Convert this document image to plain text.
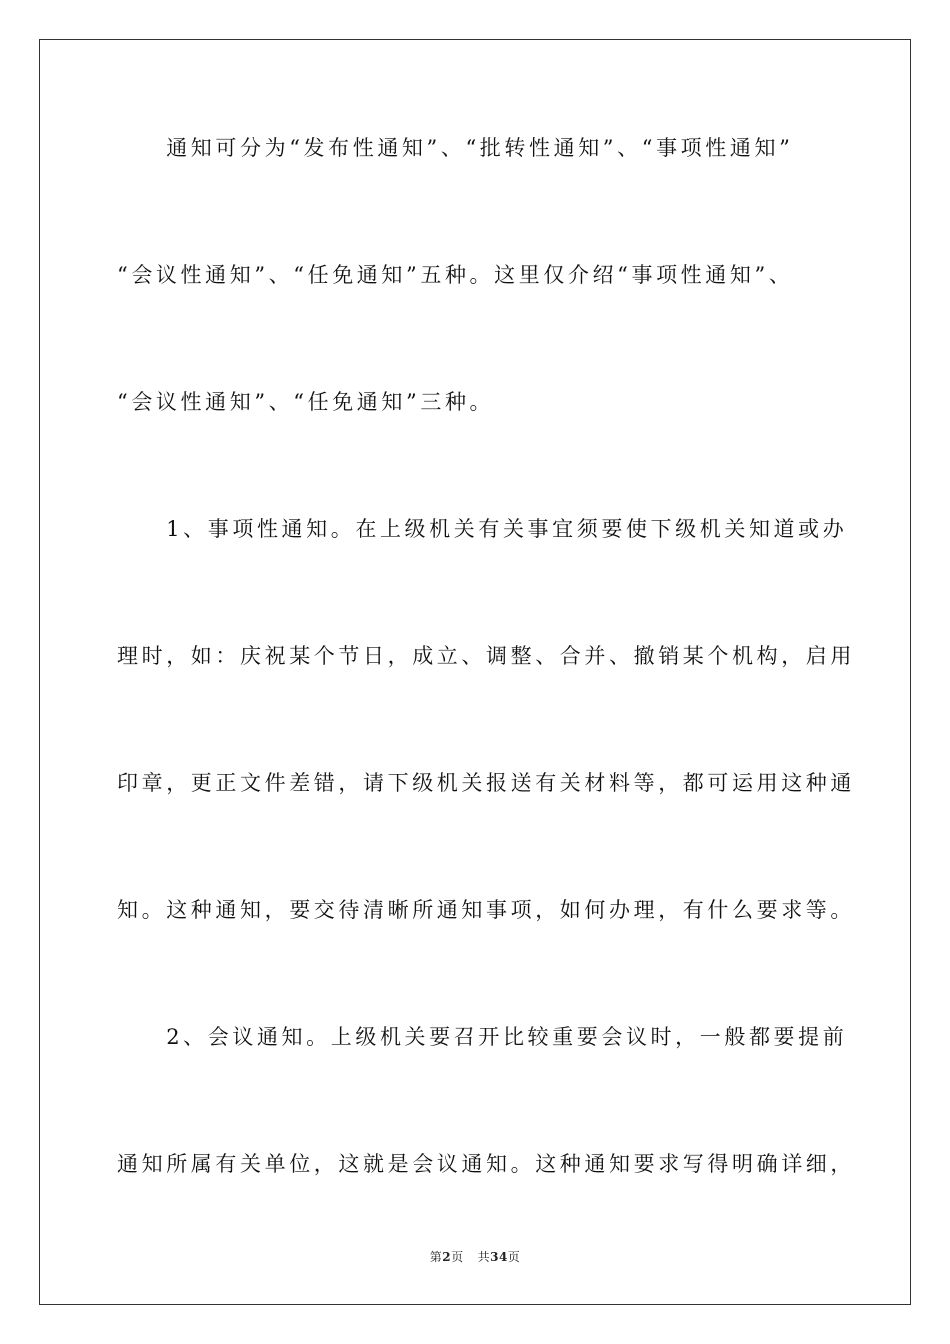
　　通知可分为“发布性通知”、“批转性通知”、“事项性通知”
“会议性通知”、“任免通知”五种。这里仅介绍“事项性通知”、
“会议性通知”、“任免通知”三种。
　　1、事项性通知。在上级机关有关事宜须要使下级机关知道或办
理时，如：庆祝某个节日，成立、调整、合并、撤销某个机构，启用
印章，更正文件差错，请下级机关报送有关材料等，都可运用这种通
知。这种通知，要交待清晰所通知事项，如何办理，有什么要求等。
　　2、会议通知。上级机关要召开比较重要会议时，一般都要提前
通知所属有关单位，这就是会议通知。这种通知要求写得明确详细，
第2页 共34页
